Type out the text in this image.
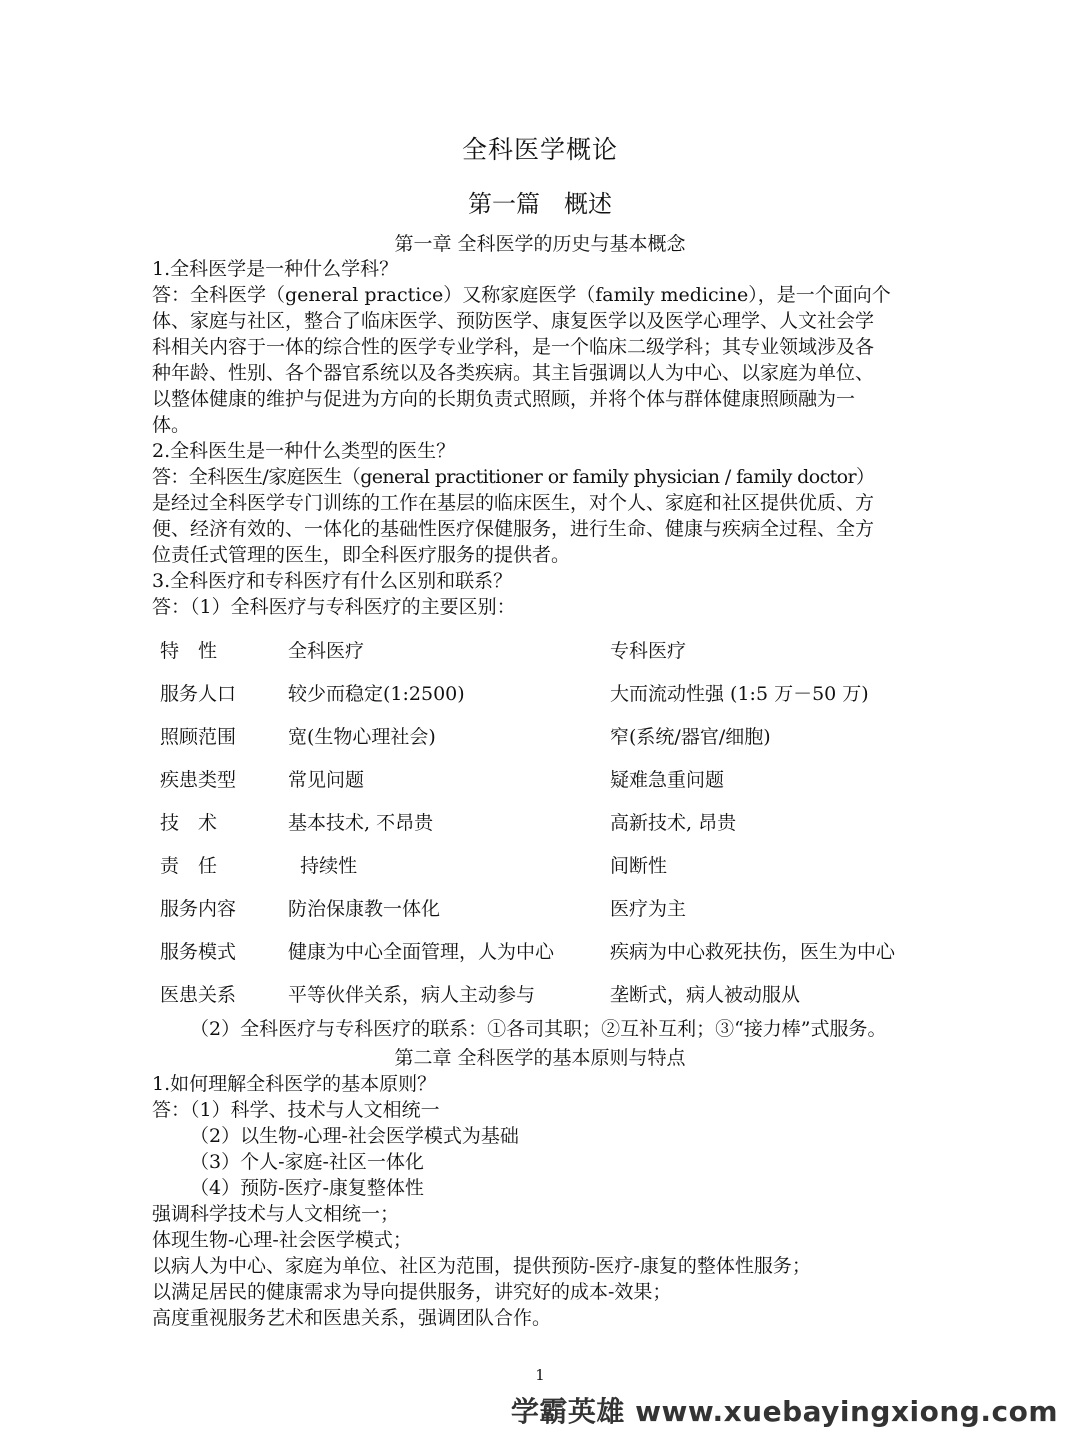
全科医学概论
第一篇　概述
第一章 全科医学的历史与基本概念
1.全科医学是一种什么学科？
答：全科医学（general practice）又称家庭医学（family medicine），是一个面向个
体、家庭与社区，整合了临床医学、预防医学、康复医学以及医学心理学、人文社会学
科相关内容于一体的综合性的医学专业学科，是一个临床二级学科；其专业领域涉及各
种年龄、性别、各个器官系统以及各类疾病。其主旨强调以人为中心、以家庭为单位、
以整体健康的维护与促进为方向的长期负责式照顾，并将个体与群体健康照顾融为一
体。
2.全科医生是一种什么类型的医生？
答：全科医生/家庭医生（general practitioner or family physician / family doctor）
是经过全科医学专门训练的工作在基层的临床医生，对个人、家庭和社区提供优质、方
便、经济有效的、一体化的基础性医疗保健服务，进行生命、健康与疾病全过程、全方
位责任式管理的医生，即全科医疗服务的提供者。
3.全科医疗和专科医疗有什么区别和联系？
答：（1）全科医疗与专科医疗的主要区别：
特　性	全科医疗	专科医疗
服务人口	较少而稳定(1:2500)	大而流动性强 (1:5 万－50 万)
照顾范围	宽(生物心理社会)	窄(系统/器官/细胞)
疾患类型	常见问题	疑难急重问题
技　术	基本技术, 不昂贵	高新技术, 昂贵
责　任	持续性	间断性
服务内容	防治保康教一体化	医疗为主
服务模式	健康为中心全面管理，人为中心	疾病为中心救死扶伤，医生为中心
医患关系	平等伙伴关系，病人主动参与	垄断式，病人被动服从
（2）全科医疗与专科医疗的联系：①各司其职；②互补互利；③“接力棒”式服务。
第二章 全科医学的基本原则与特点
1.如何理解全科医学的基本原则？
答：（1）科学、技术与人文相统一
（2）以生物-心理-社会医学模式为基础
（3）个人-家庭-社区一体化
（4）预防-医疗-康复整体性
强调科学技术与人文相统一；
体现生物-心理-社会医学模式；
以病人为中心、家庭为单位、社区为范围，提供预防-医疗-康复的整体性服务；
以满足居民的健康需求为导向提供服务，讲究好的成本-效果；
高度重视服务艺术和医患关系，强调团队合作。
1
学霸英雄 www.xuebayingxiong.com
